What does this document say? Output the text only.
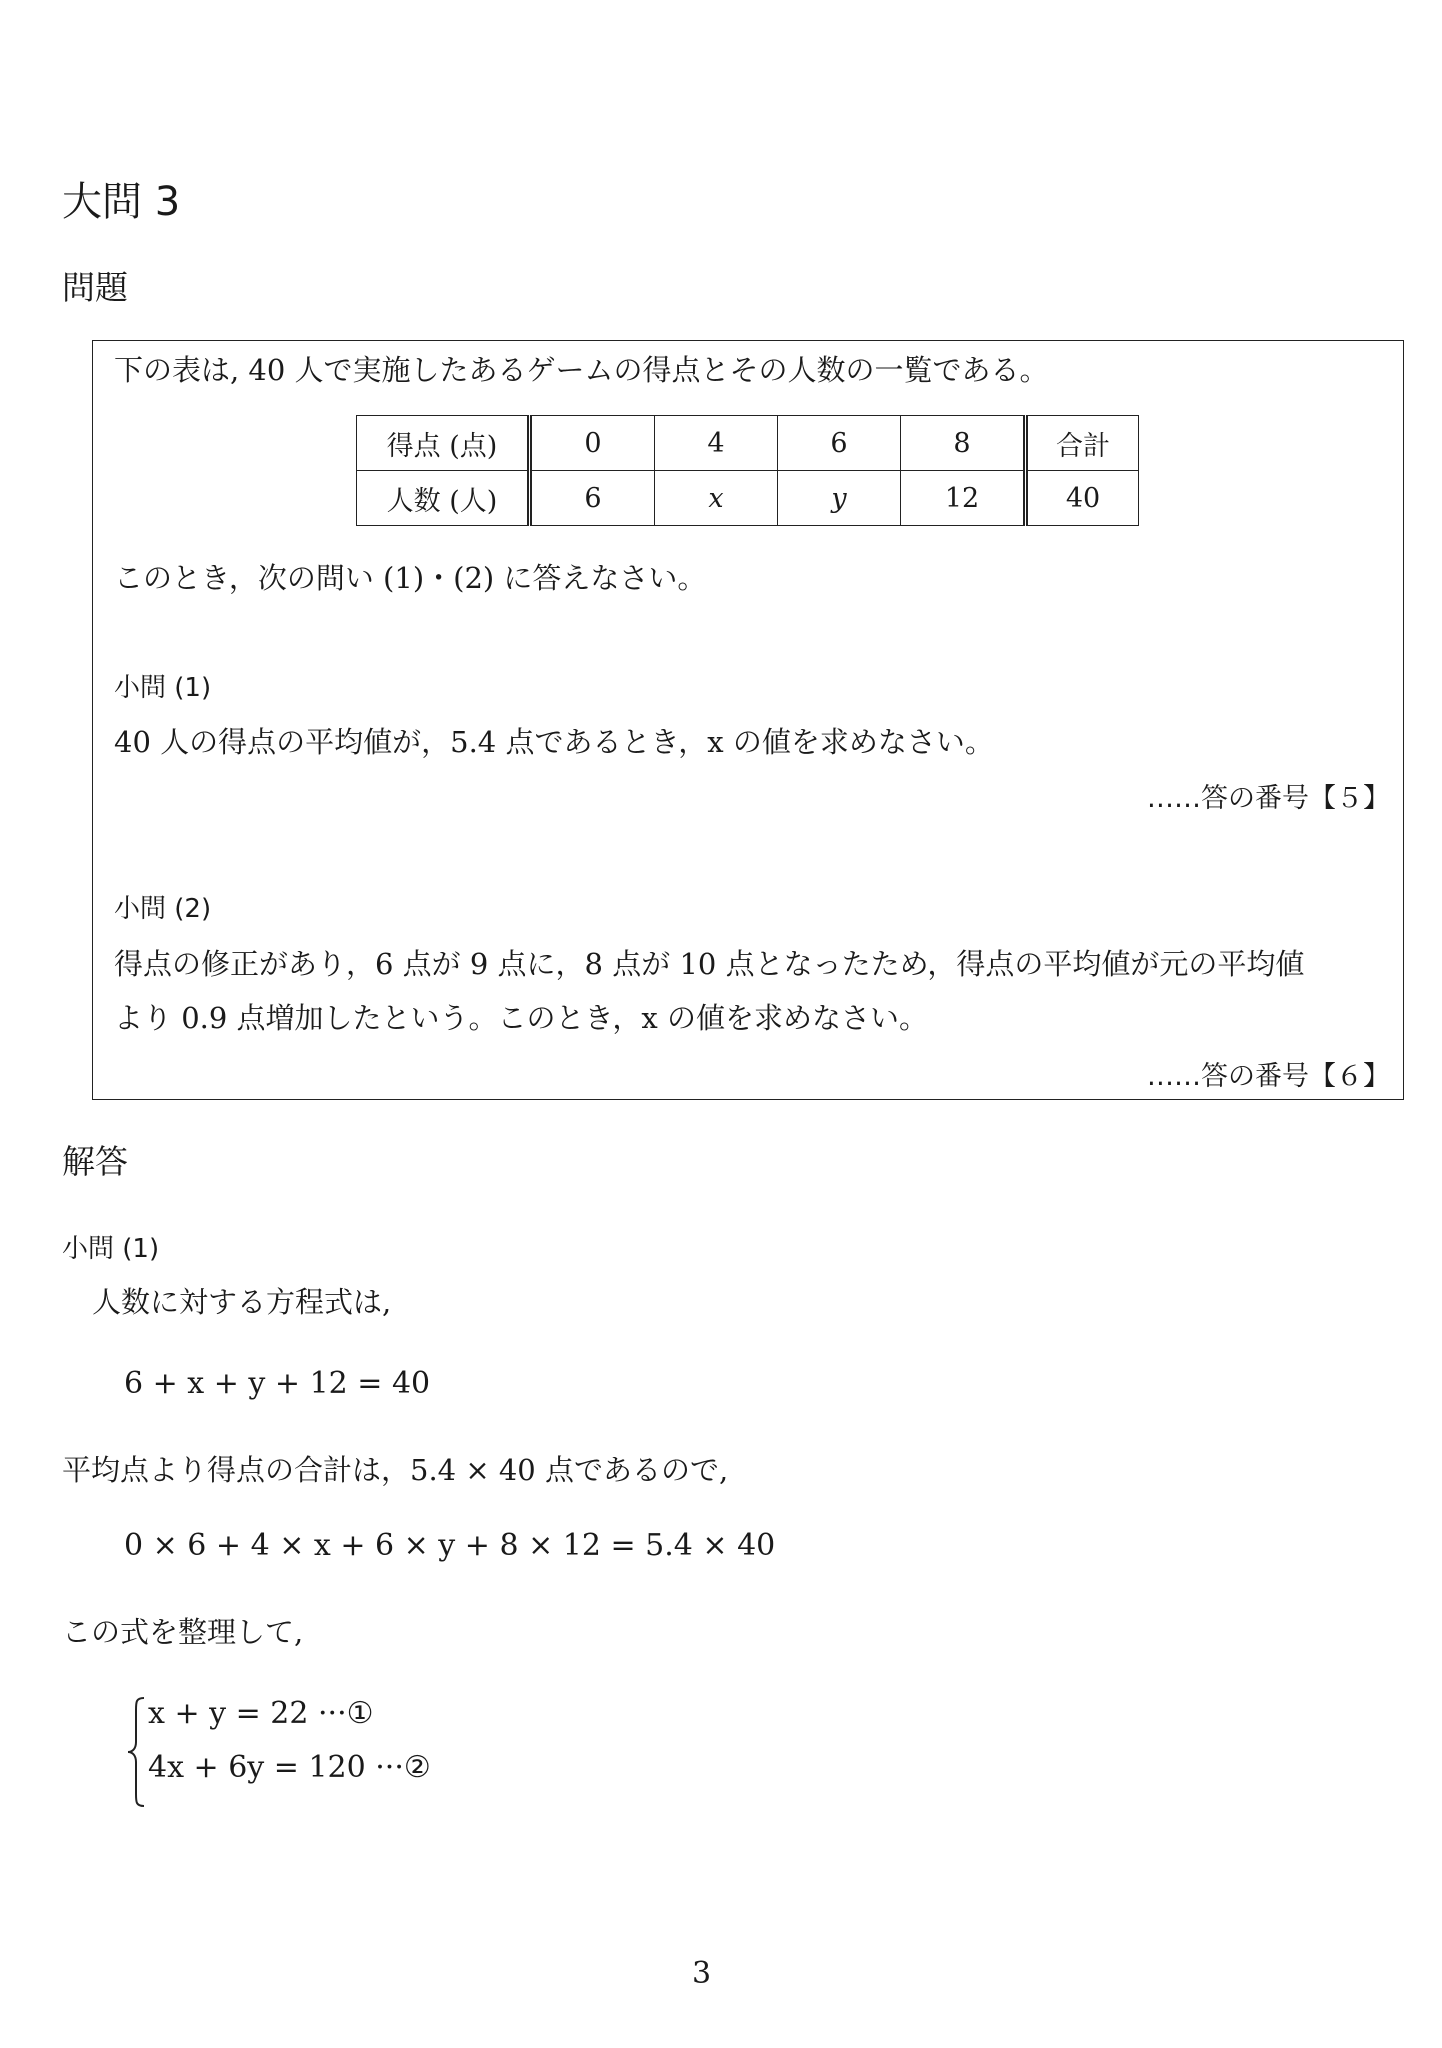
大問 3
問題
下の表は, 40 人で実施したあるゲームの得点とその人数の一覧である。
得点 (点)	0	4	6	8	合計
人数 (人)	6	x	y	12	40
このとき，次の問い (1)・(2) に答えなさい。
小問 (1)
40 人の得点の平均値が，5.4 点であるとき，x の値を求めなさい。
‥‥‥答の番号【５】
小問 (2)
得点の修正があり，6 点が 9 点に，8 点が 10 点となったため，得点の平均値が元の平均値
より 0.9 点増加したという。このとき，x の値を求めなさい。
‥‥‥答の番号【６】
解答
小問 (1)
人数に対する方程式は,
6 + x + y + 12 = 40
平均点より得点の合計は，5.4 × 40 点であるので,
0 × 6 + 4 × x + 6 × y + 8 × 12 = 5.4 × 40
この式を整理して,
x + y = 22 ···①
4x + 6y = 120 ···②
3
